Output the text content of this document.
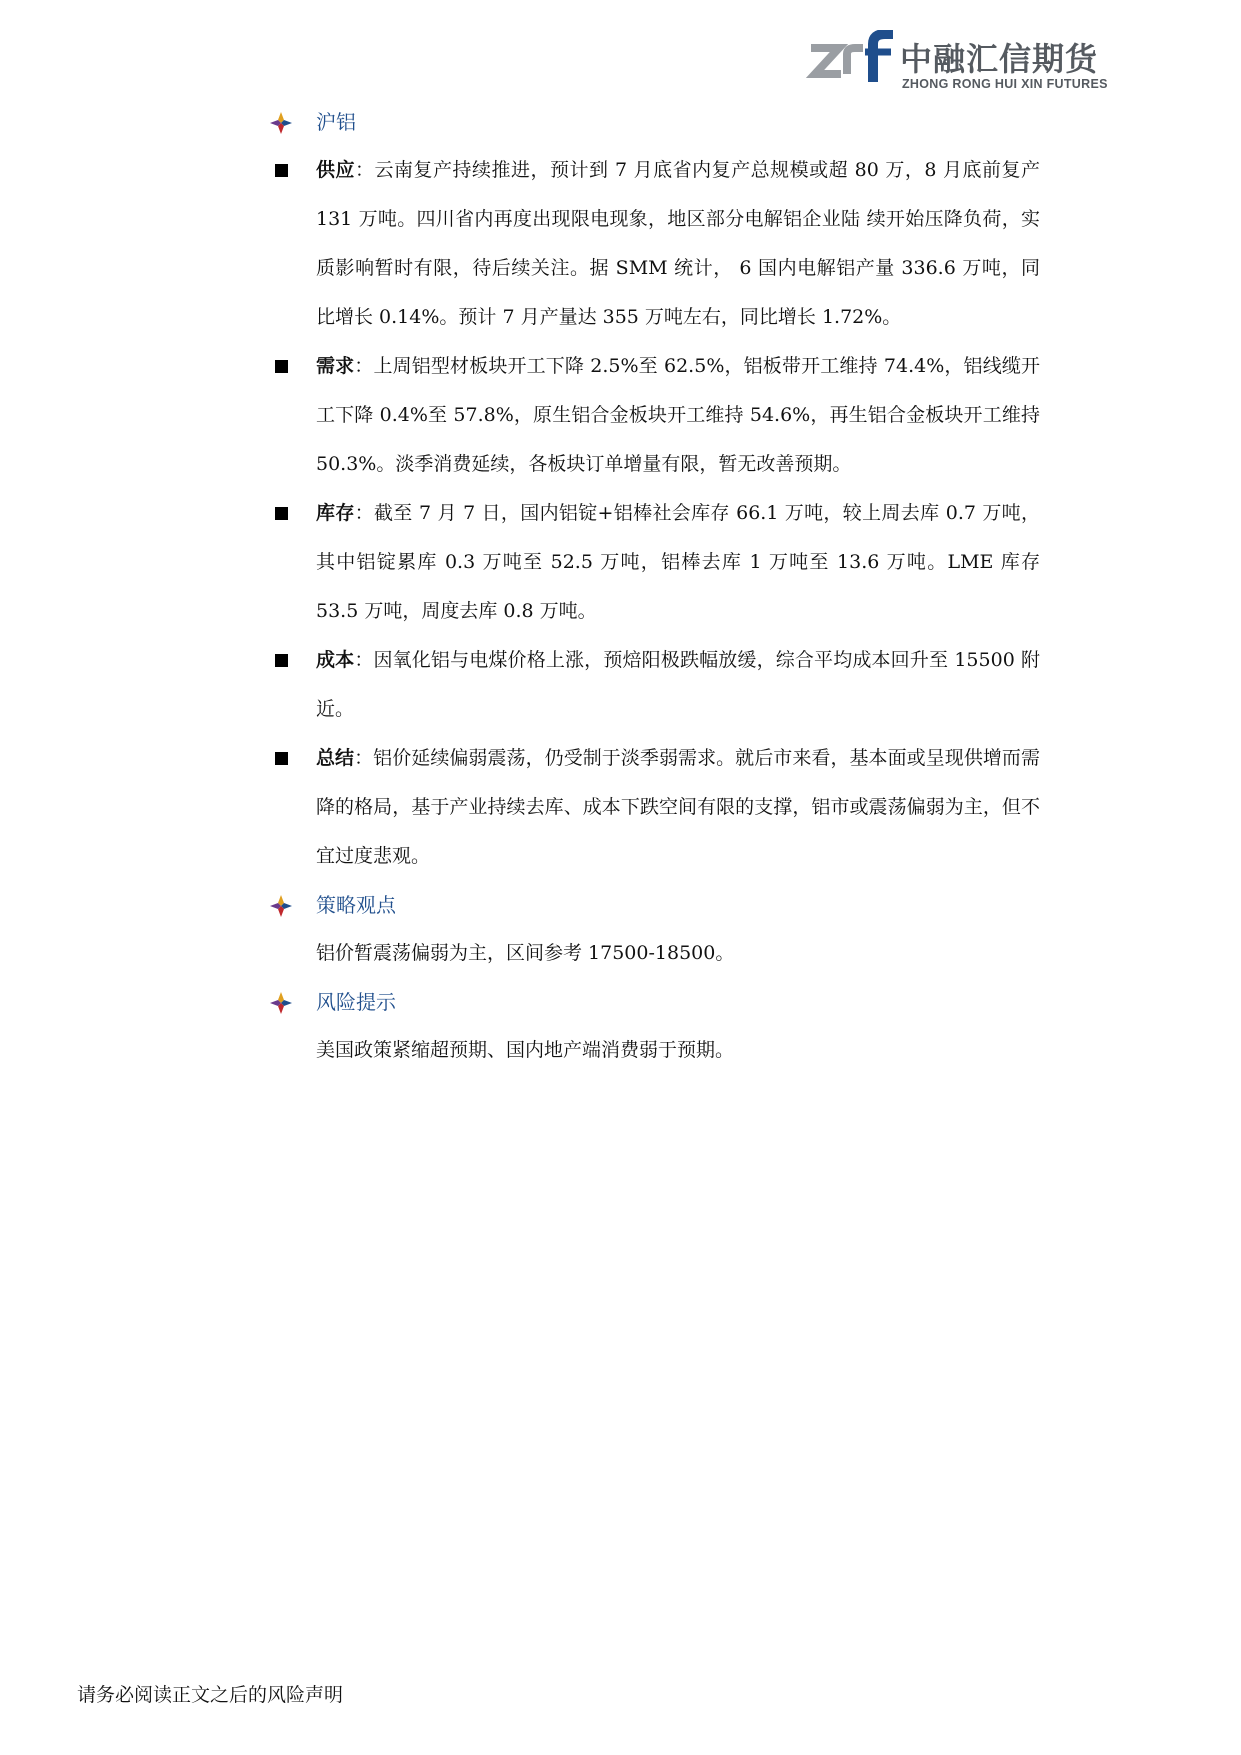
中融汇信期货
ZHONG RONG HUI XIN FUTURES
沪铝
供应：云南复产持续推进，预计到 7 月底省内复产总规模或超 80 万，8 月底前复产 131 万吨。四川省内再度出现限电现象，地区部分电解铝企业陆 续开始压降负荷，实质影响暂时有限，待后续关注。据 SMM 统计， 6 国内电解铝产量 336.6 万吨，同比增长 0.14%。预计 7 月产量达 355 万吨左右，同比增长 1.72%。
需求：上周铝型材板块开工下降 2.5%至 62.5%，铝板带开工维持 74.4%，铝线缆开工下降 0.4%至 57.8%，原生铝合金板块开工维持 54.6%，再生铝合金板块开工维持 50.3%。淡季消费延续，各板块订单增量有限，暂无改善预期。
库存：截至 7 月 7 日，国内铝锭+铝棒社会库存 66.1 万吨，较上周去库 0.7 万吨，其中铝锭累库 0.3 万吨至 52.5 万吨，铝棒去库 1 万吨至 13.6 万吨。LME 库存 53.5 万吨，周度去库 0.8 万吨。
成本：因氧化铝与电煤价格上涨，预焙阳极跌幅放缓，综合平均成本回升至 15500 附近。
总结：铝价延续偏弱震荡，仍受制于淡季弱需求。就后市来看，基本面或呈现供增而需降的格局，基于产业持续去库、成本下跌空间有限的支撑，铝市或震荡偏弱为主，但不宜过度悲观。
策略观点
铝价暂震荡偏弱为主，区间参考 17500-18500。
风险提示
美国政策紧缩超预期、国内地产端消费弱于预期。
请务必阅读正文之后的风险声明
